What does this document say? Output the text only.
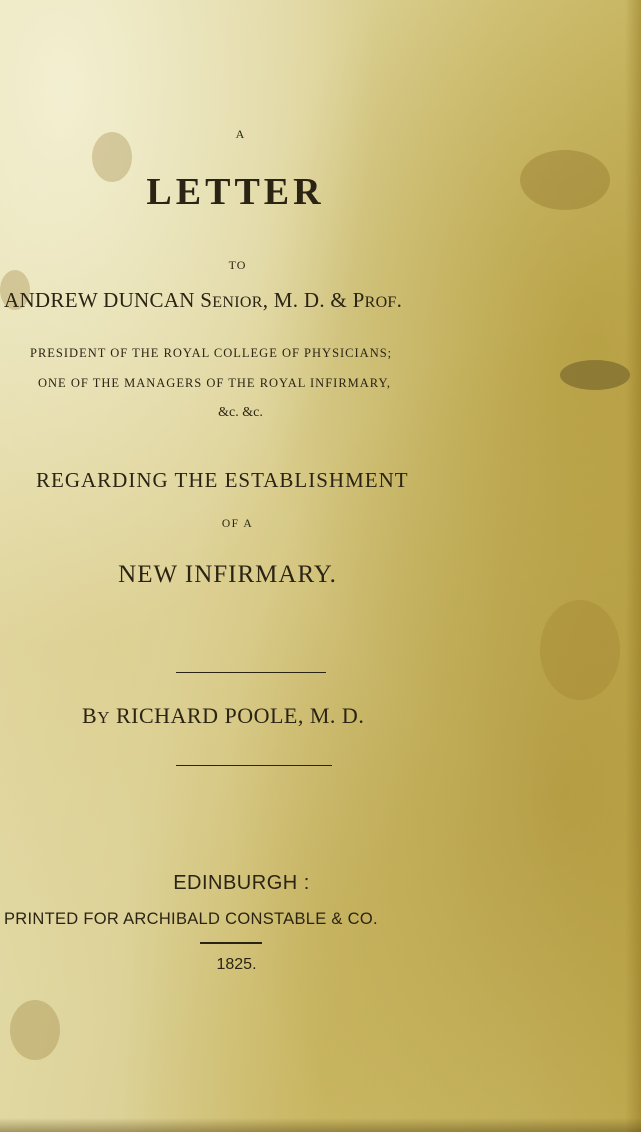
A
LETTER
TO
ANDREW DUNCAN SENIOR, M. D. & PROF.
PRESIDENT OF THE ROYAL COLLEGE OF PHYSICIANS;
ONE OF THE MANAGERS OF THE ROYAL INFIRMARY,
&c. &c.
REGARDING THE ESTABLISHMENT
OF A
NEW INFIRMARY.
BY RICHARD POOLE, M. D.
EDINBURGH :
PRINTED FOR ARCHIBALD CONSTABLE & CO.
1825.
